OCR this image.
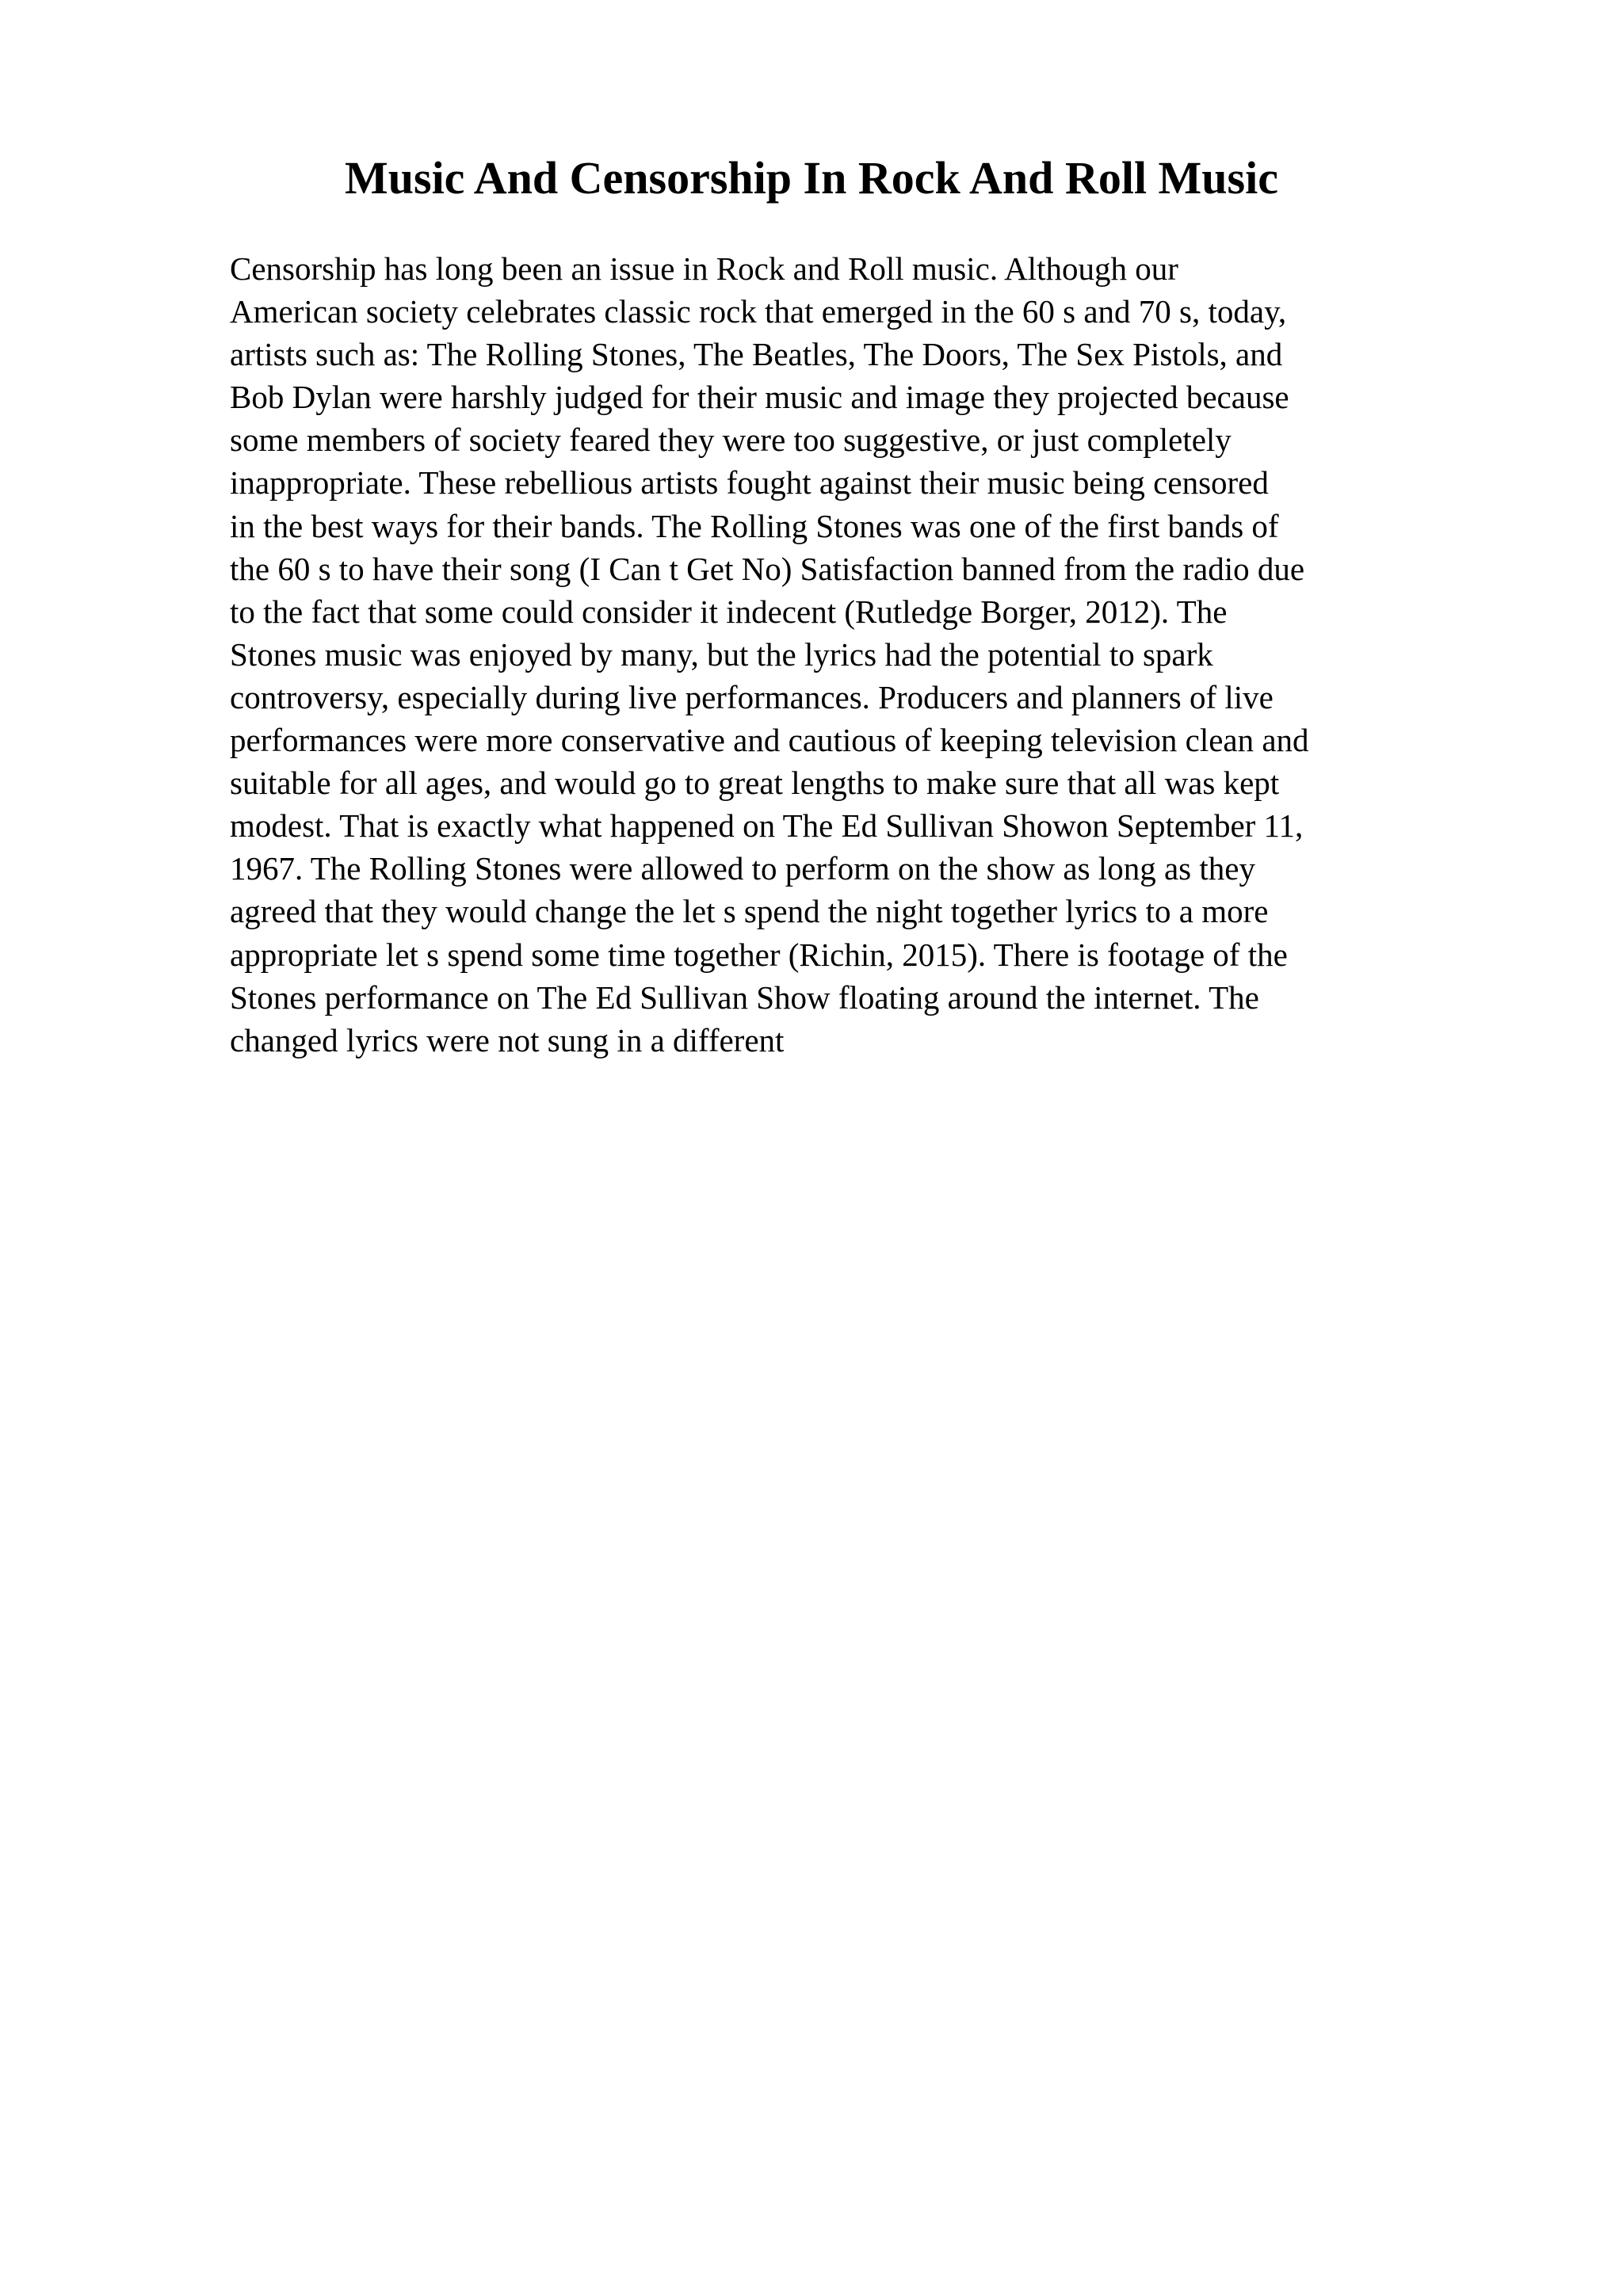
Music And Censorship In Rock And Roll Music

Censorship has long been an issue in Rock and Roll music. Although our
American society celebrates classic rock that emerged in the 60 s and 70 s, today,
artists such as: The Rolling Stones, The Beatles, The Doors, The Sex Pistols, and
Bob Dylan were harshly judged for their music and image they projected because
some members of society feared they were too suggestive, or just completely
inappropriate. These rebellious artists fought against their music being censored
in the best ways for their bands. The Rolling Stones was one of the first bands of
the 60 s to have their song (I Can t Get No) Satisfaction banned from the radio due
to the fact that some could consider it indecent (Rutledge Borger, 2012). The
Stones music was enjoyed by many, but the lyrics had the potential to spark
controversy, especially during live performances. Producers and planners of live
performances were more conservative and cautious of keeping television clean and
suitable for all ages, and would go to great lengths to make sure that all was kept
modest. That is exactly what happened on The Ed Sullivan Showon September 11,
1967. The Rolling Stones were allowed to perform on the show as long as they
agreed that they would change the let s spend the night together lyrics to a more
appropriate let s spend some time together (Richin, 2015). There is footage of the
Stones performance on The Ed Sullivan Show floating around the internet. The
changed lyrics were not sung in a different
